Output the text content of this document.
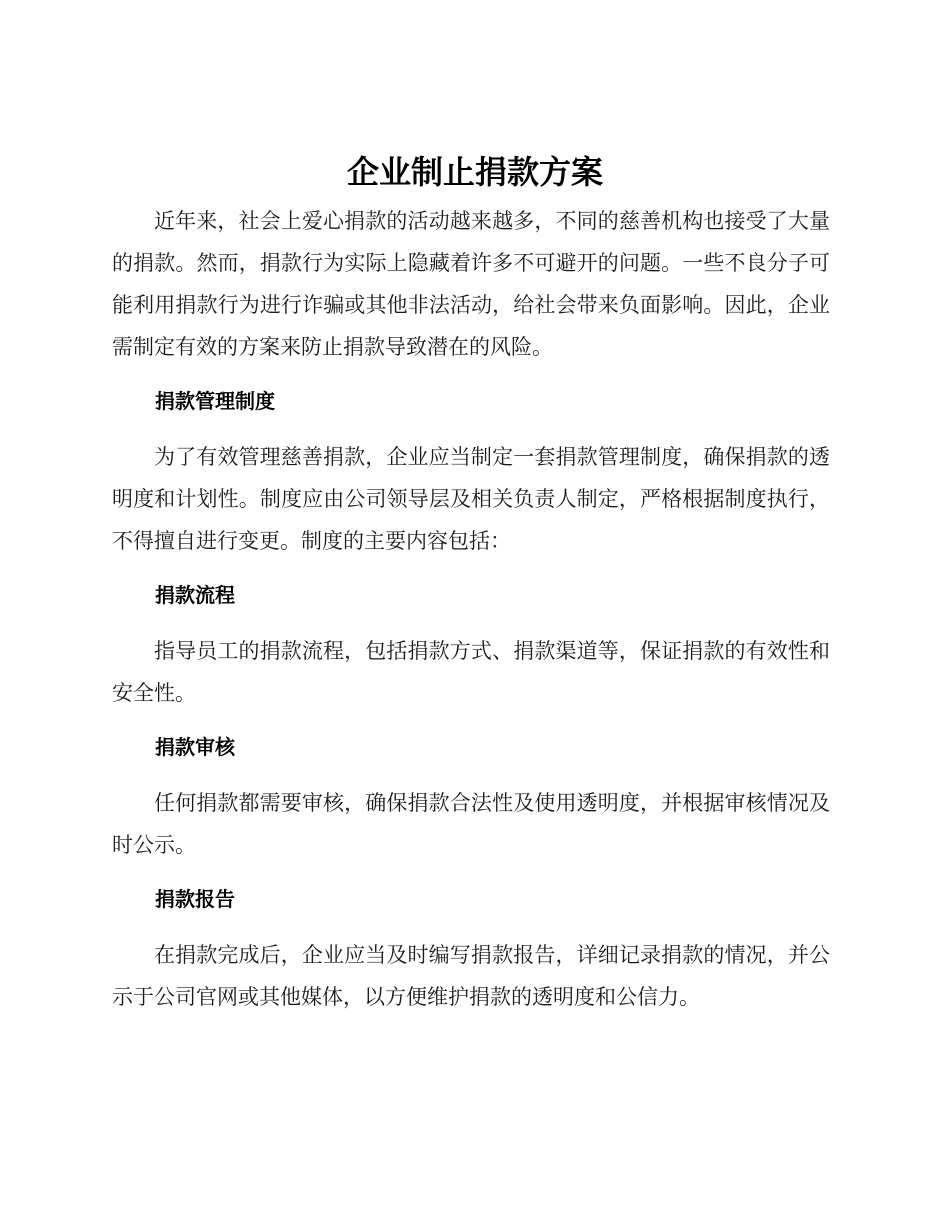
企业制止捐款方案

近年来，社会上爱心捐款的活动越来越多，不同的慈善机构也接受了大量的捐款。然而，捐款行为实际上隐藏着许多不可避开的问题。一些不良分子可能利用捐款行为进行诈骗或其他非法活动，给社会带来负面影响。因此，企业需制定有效的方案来防止捐款导致潜在的风险。

捐款管理制度

为了有效管理慈善捐款，企业应当制定一套捐款管理制度，确保捐款的透明度和计划性。制度应由公司领导层及相关负责人制定，严格根据制度执行，不得擅自进行变更。制度的主要内容包括：

捐款流程

指导员工的捐款流程，包括捐款方式、捐款渠道等，保证捐款的有效性和安全性。

捐款审核

任何捐款都需要审核，确保捐款合法性及使用透明度，并根据审核情况及时公示。

捐款报告

在捐款完成后，企业应当及时编写捐款报告，详细记录捐款的情况，并公示于公司官网或其他媒体，以方便维护捐款的透明度和公信力。
